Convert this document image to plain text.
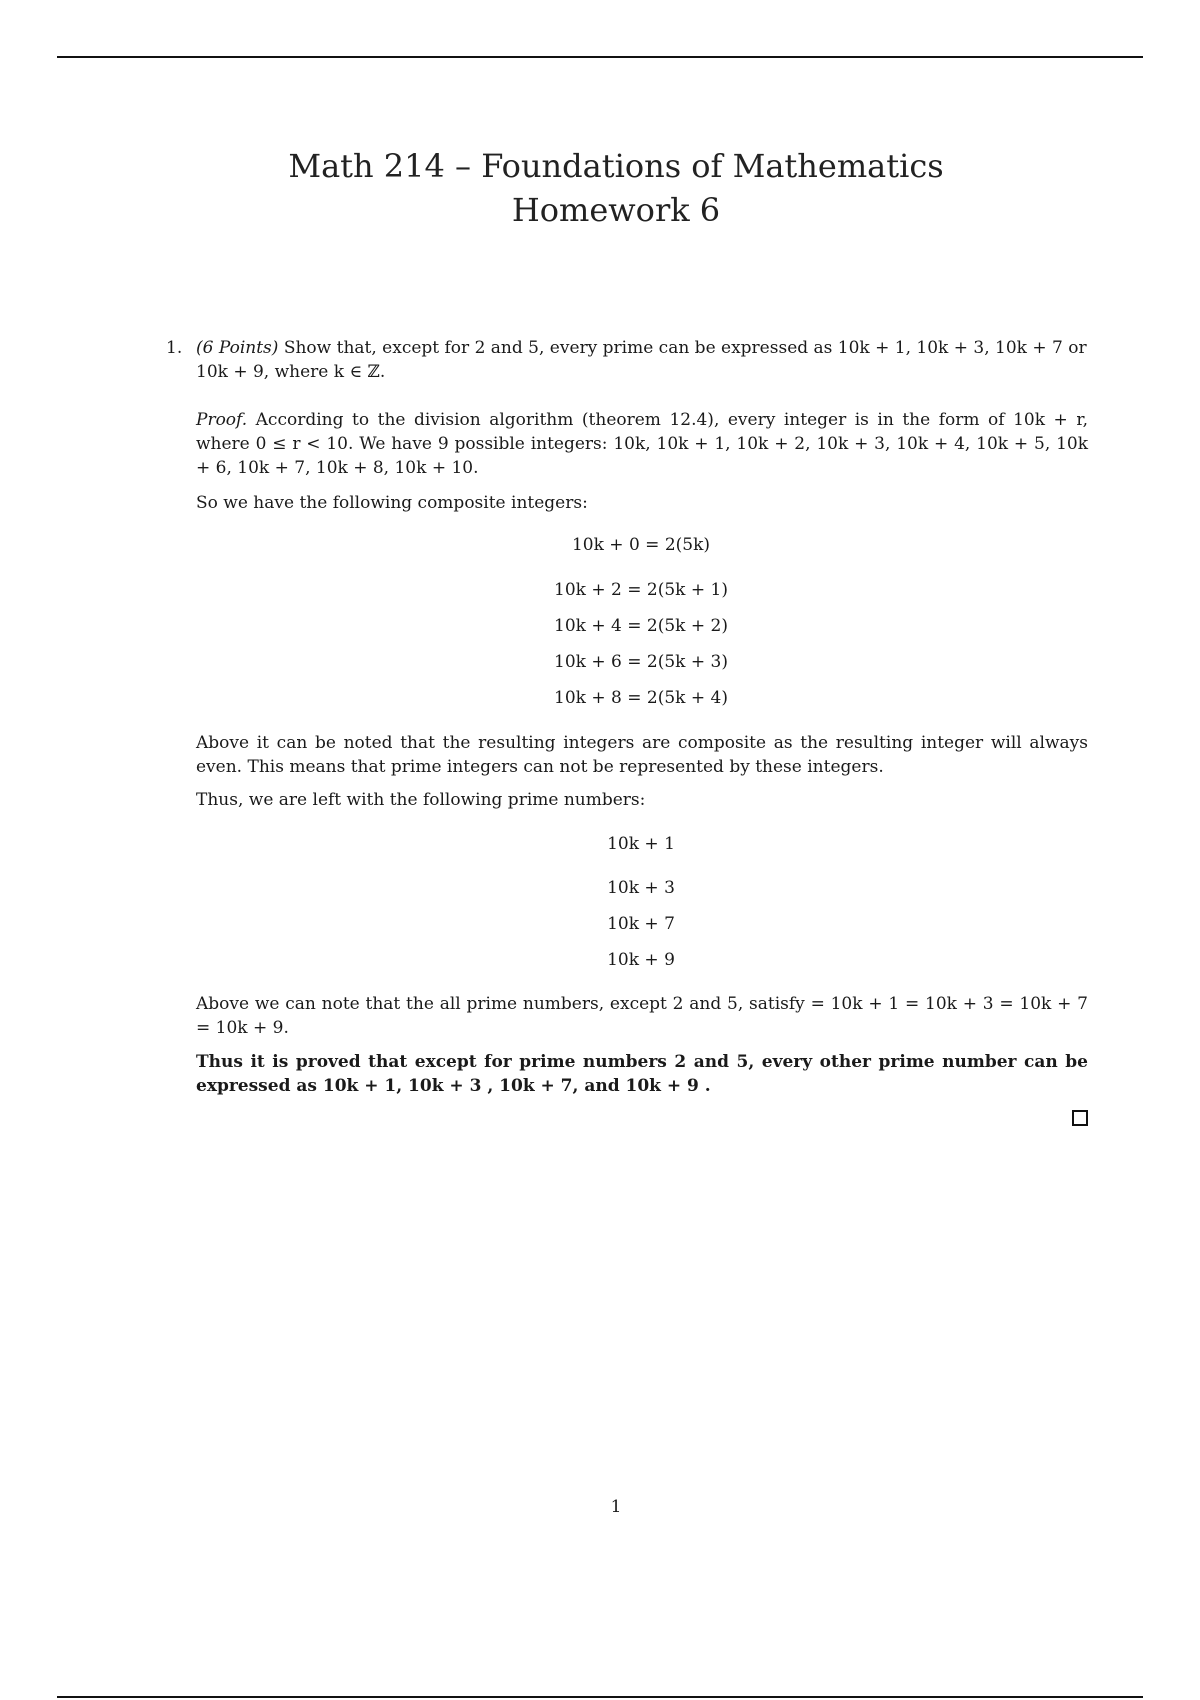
Math 214 – Foundations of Mathematics
Homework 6
1. (6 Points) Show that, except for 2 and 5, every prime can be expressed as 10k + 1, 10k + 3, 10k + 7 or 10k + 9, where k ∈ ℤ.
Proof. According to the division algorithm (theorem 12.4), every integer is in the form of 10k + r, where 0 ≤ r < 10. We have 9 possible integers: 10k, 10k + 1, 10k + 2, 10k + 3, 10k + 4, 10k + 5, 10k + 6, 10k + 7, 10k + 8, 10k + 10.
So we have the following composite integers:
10k + 0 = 2(5k)
10k + 2 = 2(5k + 1)
10k + 4 = 2(5k + 2)
10k + 6 = 2(5k + 3)
10k + 8 = 2(5k + 4)
Above it can be noted that the resulting integers are composite as the resulting integer will always even. This means that prime integers can not be represented by these integers.
Thus, we are left with the following prime numbers:
10k + 1
10k + 3
10k + 7
10k + 9
Above we can note that the all prime numbers, except 2 and 5, satisfy = 10k + 1 = 10k + 3 = 10k + 7 = 10k + 9.
Thus it is proved that except for prime numbers 2 and 5, every other prime number can be expressed as 10k + 1, 10k + 3 , 10k + 7, and 10k + 9 .
1
